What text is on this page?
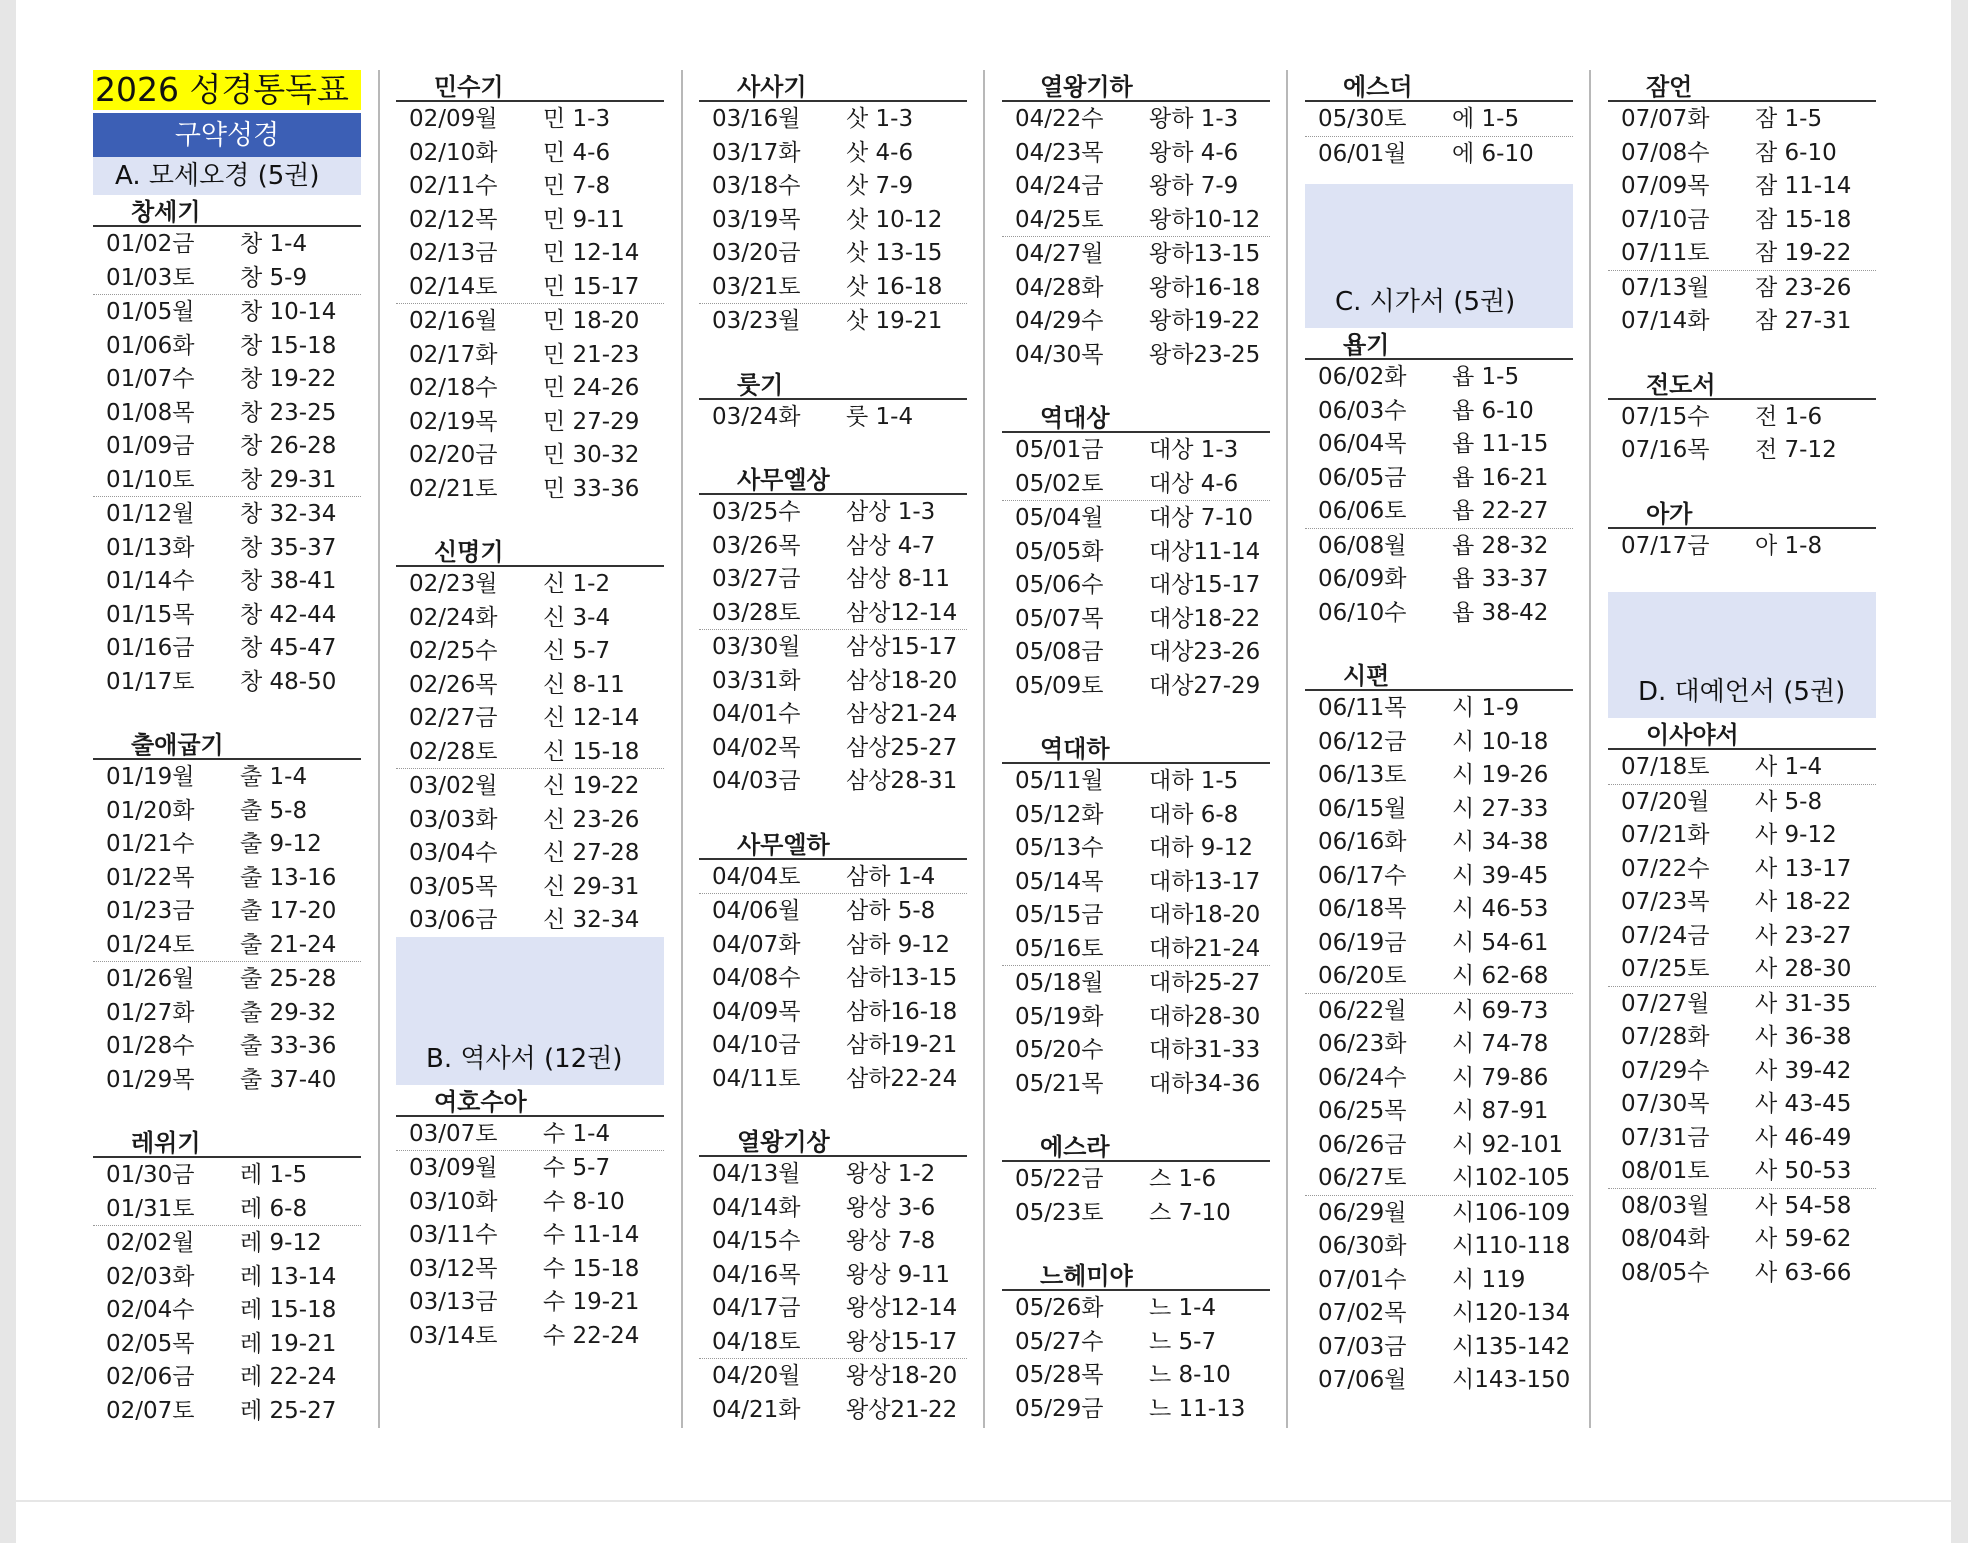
2026 성경통독표
구약성경
A. 모세오경 (5권)
창세기
01/02금	창 1-4
01/03토	창 5-9
01/05월	창 10-14
01/06화	창 15-18
01/07수	창 19-22
01/08목	창 23-25
01/09금	창 26-28
01/10토	창 29-31
01/12월	창 32-34
01/13화	창 35-37
01/14수	창 38-41
01/15목	창 42-44
01/16금	창 45-47
01/17토	창 48-50
출애굽기
01/19월	출 1-4
01/20화	출 5-8
01/21수	출 9-12
01/22목	출 13-16
01/23금	출 17-20
01/24토	출 21-24
01/26월	출 25-28
01/27화	출 29-32
01/28수	출 33-36
01/29목	출 37-40
레위기
01/30금	레 1-5
01/31토	레 6-8
02/02월	레 9-12
02/03화	레 13-14
02/04수	레 15-18
02/05목	레 19-21
02/06금	레 22-24
02/07토	레 25-27
민수기
02/09월	민 1-3
02/10화	민 4-6
02/11수	민 7-8
02/12목	민 9-11
02/13금	민 12-14
02/14토	민 15-17
02/16월	민 18-20
02/17화	민 21-23
02/18수	민 24-26
02/19목	민 27-29
02/20금	민 30-32
02/21토	민 33-36
신명기
02/23월	신 1-2
02/24화	신 3-4
02/25수	신 5-7
02/26목	신 8-11
02/27금	신 12-14
02/28토	신 15-18
03/02월	신 19-22
03/03화	신 23-26
03/04수	신 27-28
03/05목	신 29-31
03/06금	신 32-34
B. 역사서 (12권)
여호수아
03/07토	수 1-4
03/09월	수 5-7
03/10화	수 8-10
03/11수	수 11-14
03/12목	수 15-18
03/13금	수 19-21
03/14토	수 22-24
사사기
03/16월	삿 1-3
03/17화	삿 4-6
03/18수	삿 7-9
03/19목	삿 10-12
03/20금	삿 13-15
03/21토	삿 16-18
03/23월	삿 19-21
룻기
03/24화	룻 1-4
사무엘상
03/25수	삼상 1-3
03/26목	삼상 4-7
03/27금	삼상 8-11
03/28토	삼상12-14
03/30월	삼상15-17
03/31화	삼상18-20
04/01수	삼상21-24
04/02목	삼상25-27
04/03금	삼상28-31
사무엘하
04/04토	삼하 1-4
04/06월	삼하 5-8
04/07화	삼하 9-12
04/08수	삼하13-15
04/09목	삼하16-18
04/10금	삼하19-21
04/11토	삼하22-24
열왕기상
04/13월	왕상 1-2
04/14화	왕상 3-6
04/15수	왕상 7-8
04/16목	왕상 9-11
04/17금	왕상12-14
04/18토	왕상15-17
04/20월	왕상18-20
04/21화	왕상21-22
열왕기하
04/22수	왕하 1-3
04/23목	왕하 4-6
04/24금	왕하 7-9
04/25토	왕하10-12
04/27월	왕하13-15
04/28화	왕하16-18
04/29수	왕하19-22
04/30목	왕하23-25
역대상
05/01금	대상 1-3
05/02토	대상 4-6
05/04월	대상 7-10
05/05화	대상11-14
05/06수	대상15-17
05/07목	대상18-22
05/08금	대상23-26
05/09토	대상27-29
역대하
05/11월	대하 1-5
05/12화	대하 6-8
05/13수	대하 9-12
05/14목	대하13-17
05/15금	대하18-20
05/16토	대하21-24
05/18월	대하25-27
05/19화	대하28-30
05/20수	대하31-33
05/21목	대하34-36
에스라
05/22금	스 1-6
05/23토	스 7-10
느헤미야
05/26화	느 1-4
05/27수	느 5-7
05/28목	느 8-10
05/29금	느 11-13
에스더
05/30토	에 1-5
06/01월	에 6-10
C. 시가서 (5권)
욥기
06/02화	욥 1-5
06/03수	욥 6-10
06/04목	욥 11-15
06/05금	욥 16-21
06/06토	욥 22-27
06/08월	욥 28-32
06/09화	욥 33-37
06/10수	욥 38-42
시편
06/11목	시 1-9
06/12금	시 10-18
06/13토	시 19-26
06/15월	시 27-33
06/16화	시 34-38
06/17수	시 39-45
06/18목	시 46-53
06/19금	시 54-61
06/20토	시 62-68
06/22월	시 69-73
06/23화	시 74-78
06/24수	시 79-86
06/25목	시 87-91
06/26금	시 92-101
06/27토	시102-105
06/29월	시106-109
06/30화	시110-118
07/01수	시 119
07/02목	시120-134
07/03금	시135-142
07/06월	시143-150
잠언
07/07화	잠 1-5
07/08수	잠 6-10
07/09목	잠 11-14
07/10금	잠 15-18
07/11토	잠 19-22
07/13월	잠 23-26
07/14화	잠 27-31
전도서
07/15수	전 1-6
07/16목	전 7-12
아가
07/17금	아 1-8
D. 대예언서 (5권)
이사야서
07/18토	사 1-4
07/20월	사 5-8
07/21화	사 9-12
07/22수	사 13-17
07/23목	사 18-22
07/24금	사 23-27
07/25토	사 28-30
07/27월	사 31-35
07/28화	사 36-38
07/29수	사 39-42
07/30목	사 43-45
07/31금	사 46-49
08/01토	사 50-53
08/03월	사 54-58
08/04화	사 59-62
08/05수	사 63-66
